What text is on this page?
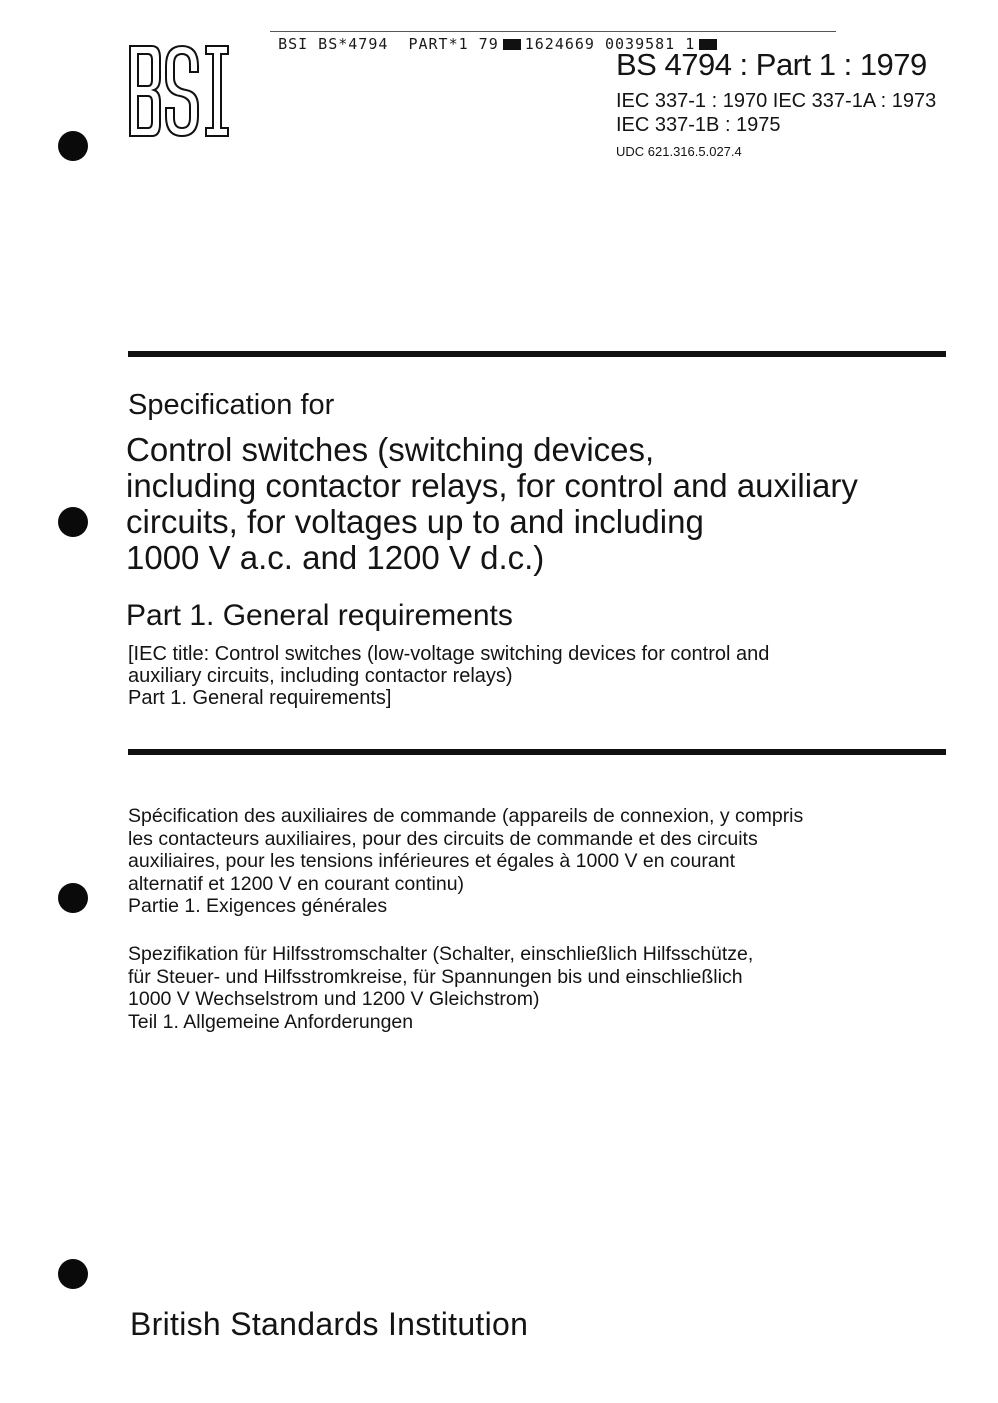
BSI BS*4794  PART*1 79 1624669 0039581 1

BS 4794 : Part 1 : 1979
IEC 337-1 : 1970 IEC 337-1A : 1973
IEC 337-1B : 1975
UDC 621.316.5.027.4
Specification for
Control switches (switching devices,
including contactor relays, for control and auxiliary
circuits, for voltages up to and including
1000 V a.c. and 1200 V d.c.)
Part 1. General requirements
[IEC title: Control switches (low-voltage switching devices for control and
auxiliary circuits, including contactor relays)
Part 1. General requirements]
Spécification des auxiliaires de commande (appareils de connexion, y compris
les contacteurs auxiliaires, pour des circuits de commande et des circuits
auxiliaires, pour les tensions inférieures et égales à 1000 V en courant
alternatif et 1200 V en courant continu)
Partie 1. Exigences générales
Spezifikation für Hilfsstromschalter (Schalter, einschließlich Hilfsschütze,
für Steuer- und Hilfsstromkreise, für Spannungen bis und einschließlich
1000 V Wechselstrom und 1200 V Gleichstrom)
Teil 1. Allgemeine Anforderungen
British Standards Institution
